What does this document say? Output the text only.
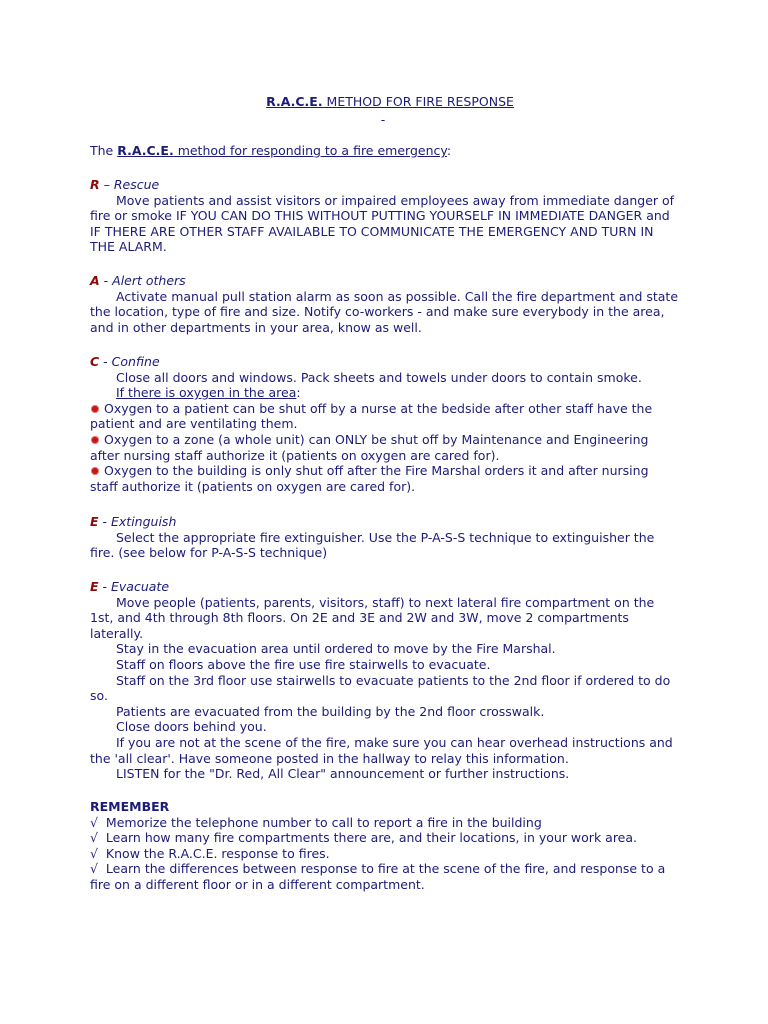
R.A.C.E. METHOD FOR FIRE RESPONSE
-
The R.A.C.E. method for responding to a fire emergency:

R – Rescue

Move patients and assist visitors or impaired employees away from immediate danger of fire or smoke IF YOU CAN DO THIS WITHOUT PUTTING YOURSELF IN IMMEDIATE DANGER and IF THERE ARE OTHER STAFF AVAILABLE TO COMMUNICATE THE EMERGENCY AND TURN IN THE ALARM.

A - Alert others

Activate manual pull station alarm as soon as possible. Call the fire department and state the location, type of fire and size. Notify co-workers - and make sure everybody in the area, and in other departments in your area, know as well.

C - Confine

Close all doors and windows. Pack sheets and towels under doors to contain smoke.

If there is oxygen in the area:

Oxygen to a patient can be shut off by a nurse at the bedside after other staff have the patient and are ventilating them.

Oxygen to a zone (a whole unit) can ONLY be shut off by Maintenance and Engineering after nursing staff authorize it (patients on oxygen are cared for).

Oxygen to the building is only shut off after the Fire Marshal orders it and after nursing staff authorize it (patients on oxygen are cared for).

E - Extinguish

Select the appropriate fire extinguisher. Use the P-A-S-S technique to extinguisher the fire. (see below for P-A-S-S technique)

E - Evacuate

Move people (patients, parents, visitors, staff) to next lateral fire compartment on the 1st, and 4th through 8th floors. On 2E and 3E and 2W and 3W, move 2 compartments laterally.

Stay in the evacuation area until ordered to move by the Fire Marshal.

Staff on floors above the fire use fire stairwells to evacuate.

Staff on the 3rd floor use stairwells to evacuate patients to the 2nd floor if ordered to do so.

Patients are evacuated from the building by the 2nd floor crosswalk.

Close doors behind you.

If you are not at the scene of the fire, make sure you can hear overhead instructions and the 'all clear'. Have someone posted in the hallway to relay this information.

LISTEN for the "Dr. Red, All Clear" announcement or further instructions.

REMEMBER

√ Memorize the telephone number to call to report a fire in the building

√ Learn how many fire compartments there are, and their locations, in your work area.

√ Know the R.A.C.E. response to fires.

√ Learn the differences between response to fire at the scene of the fire, and response to a fire on a different floor or in a different compartment.
